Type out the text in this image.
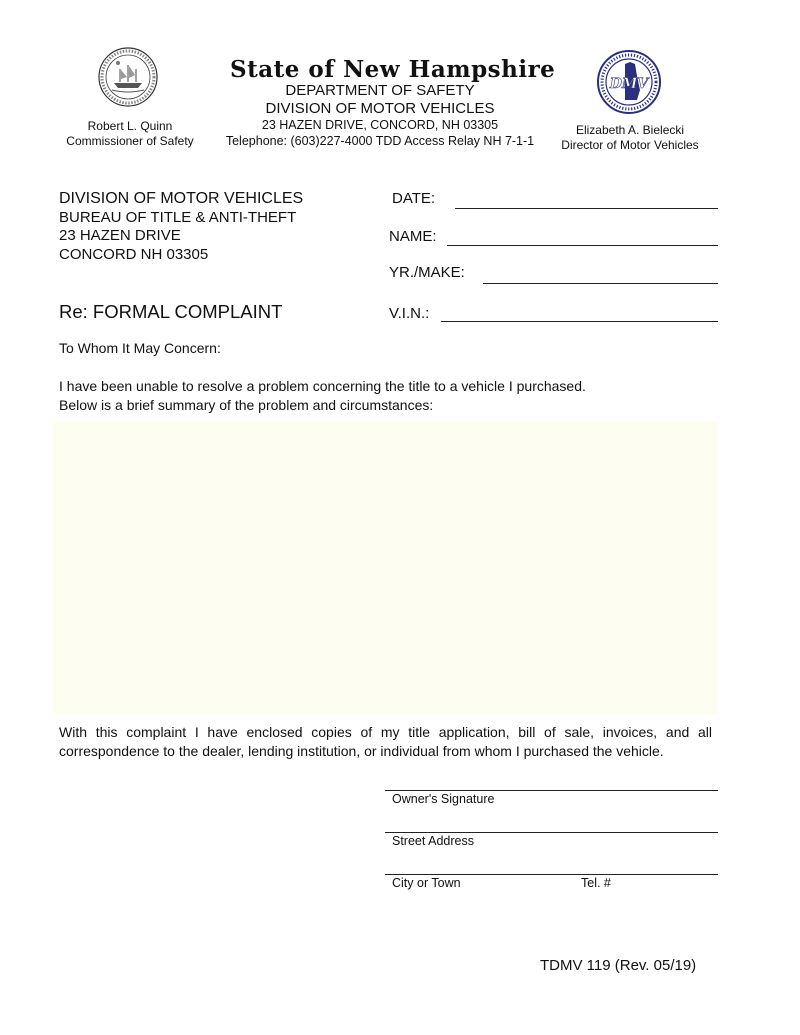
State of New Hampshire
DEPARTMENT OF SAFETY
DIVISION OF MOTOR VEHICLES
23 HAZEN DRIVE, CONCORD, NH 03305
Telephone: (603)227-4000 TDD Access Relay NH 7-1-1
Robert L. Quinn
Commissioner of Safety
DMV
Elizabeth A. Bielecki
Director of Motor Vehicles
DIVISION OF MOTOR VEHICLES
BUREAU OF TITLE & ANTI-THEFT
23 HAZEN DRIVE
CONCORD NH 03305
DATE:
NAME:
YR./MAKE:
Re: FORMAL COMPLAINT	V.I.N.:
To Whom It May Concern:
I have been unable to resolve a problem concerning the title to a vehicle I purchased.
Below is a brief summary of the problem and circumstances:
With this complaint I have enclosed copies of my title application, bill of sale, invoices, and all correspondence to the dealer, lending institution, or individual from whom I purchased the vehicle.
Owner's Signature
Street Address
City or Town	Tel. #
TDMV 119 (Rev. 05/19)
